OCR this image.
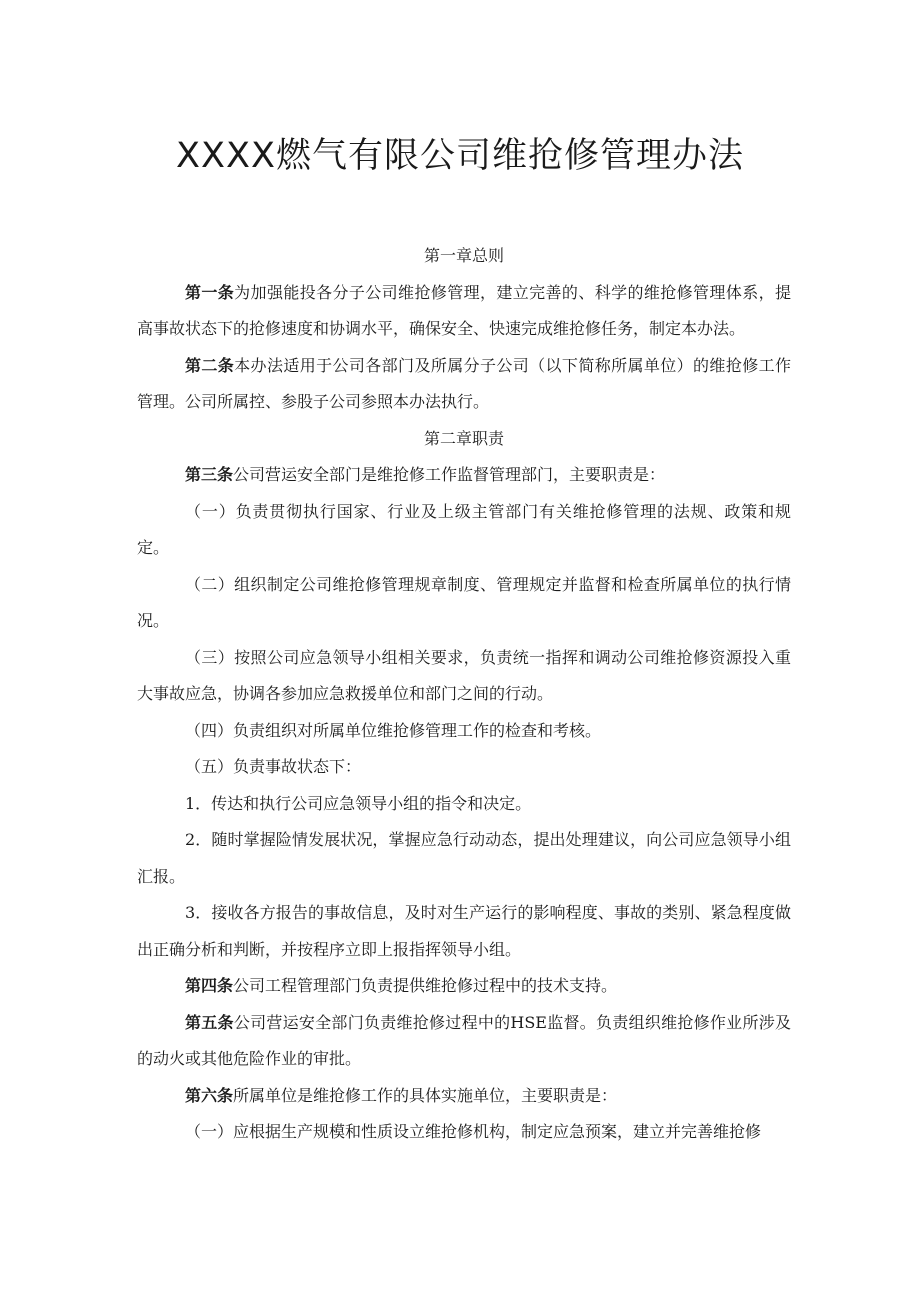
XXXX燃气有限公司维抢修管理办法

第一章总则

第一条为加强能投各分子公司维抢修管理，建立完善的、科学的维抢修管理体系，提高事故状态下的抢修速度和协调水平，确保安全、快速完成维抢修任务，制定本办法。

第二条本办法适用于公司各部门及所属分子公司（以下简称所属单位）的维抢修工作管理。公司所属控、参股子公司参照本办法执行。

第二章职责

第三条公司营运安全部门是维抢修工作监督管理部门，主要职责是：

（一）负责贯彻执行国家、行业及上级主管部门有关维抢修管理的法规、政策和规定。

（二）组织制定公司维抢修管理规章制度、管理规定并监督和检查所属单位的执行情况。

（三）按照公司应急领导小组相关要求，负责统一指挥和调动公司维抢修资源投入重大事故应急，协调各参加应急救援单位和部门之间的行动。

（四）负责组织对所属单位维抢修管理工作的检查和考核。

（五）负责事故状态下：

1．传达和执行公司应急领导小组的指令和决定。

2．随时掌握险情发展状况，掌握应急行动动态，提出处理建议，向公司应急领导小组汇报。

3．接收各方报告的事故信息，及时对生产运行的影响程度、事故的类别、紧急程度做出正确分析和判断，并按程序立即上报指挥领导小组。

第四条公司工程管理部门负责提供维抢修过程中的技术支持。

第五条公司营运安全部门负责维抢修过程中的HSE监督。负责组织维抢修作业所涉及的动火或其他危险作业的审批。

第六条所属单位是维抢修工作的具体实施单位，主要职责是：

（一）应根据生产规模和性质设立维抢修机构，制定应急预案，建立并完善维抢修
